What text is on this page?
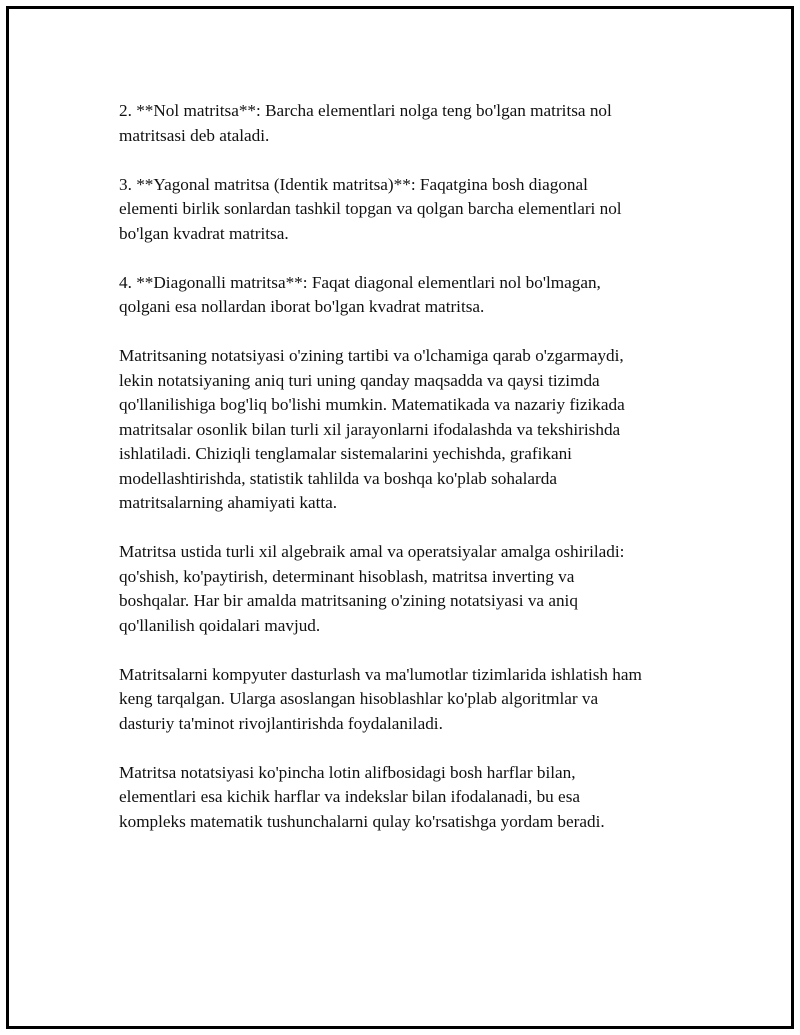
2. **Nol matritsa**: Barcha elementlari nolga teng bo'lgan matritsa nol
matritsasi deb ataladi.

3. **Yagonal matritsa (Identik matritsa)**: Faqatgina bosh diagonal
elementi birlik sonlardan tashkil topgan va qolgan barcha elementlari nol
bo'lgan kvadrat matritsa.

4. **Diagonalli matritsa**: Faqat diagonal elementlari nol bo'lmagan,
qolgani esa nollardan iborat bo'lgan kvadrat matritsa.

Matritsaning notatsiyasi o'zining tartibi va o'lchamiga qarab o'zgarmaydi,
lekin notatsiyaning aniq turi uning qanday maqsadda va qaysi tizimda
qo'llanilishiga bog'liq bo'lishi mumkin. Matematikada va nazariy fizikada
matritsalar osonlik bilan turli xil jarayonlarni ifodalashda va tekshirishda
ishlatiladi. Chiziqli tenglamalar sistemalarini yechishda, grafikani
modellashtirishda, statistik tahlilda va boshqa ko'plab sohalarda
matritsalarning ahamiyati katta.

Matritsa ustida turli xil algebraik amal va operatsiyalar amalga oshiriladi:
qo'shish, ko'paytirish, determinant hisoblash, matritsa inverting va
boshqalar. Har bir amalda matritsaning o'zining notatsiyasi va aniq
qo'llanilish qoidalari mavjud.

Matritsalarni kompyuter dasturlash va ma'lumotlar tizimlarida ishlatish ham
keng tarqalgan. Ularga asoslangan hisoblashlar ko'plab algoritmlar va
dasturiy ta'minot rivojlantirishda foydalaniladi.

Matritsa notatsiyasi ko'pincha lotin alifbosidagi bosh harflar bilan,
elementlari esa kichik harflar va indekslar bilan ifodalanadi, bu esa
kompleks matematik tushunchalarni qulay ko'rsatishga yordam beradi.
